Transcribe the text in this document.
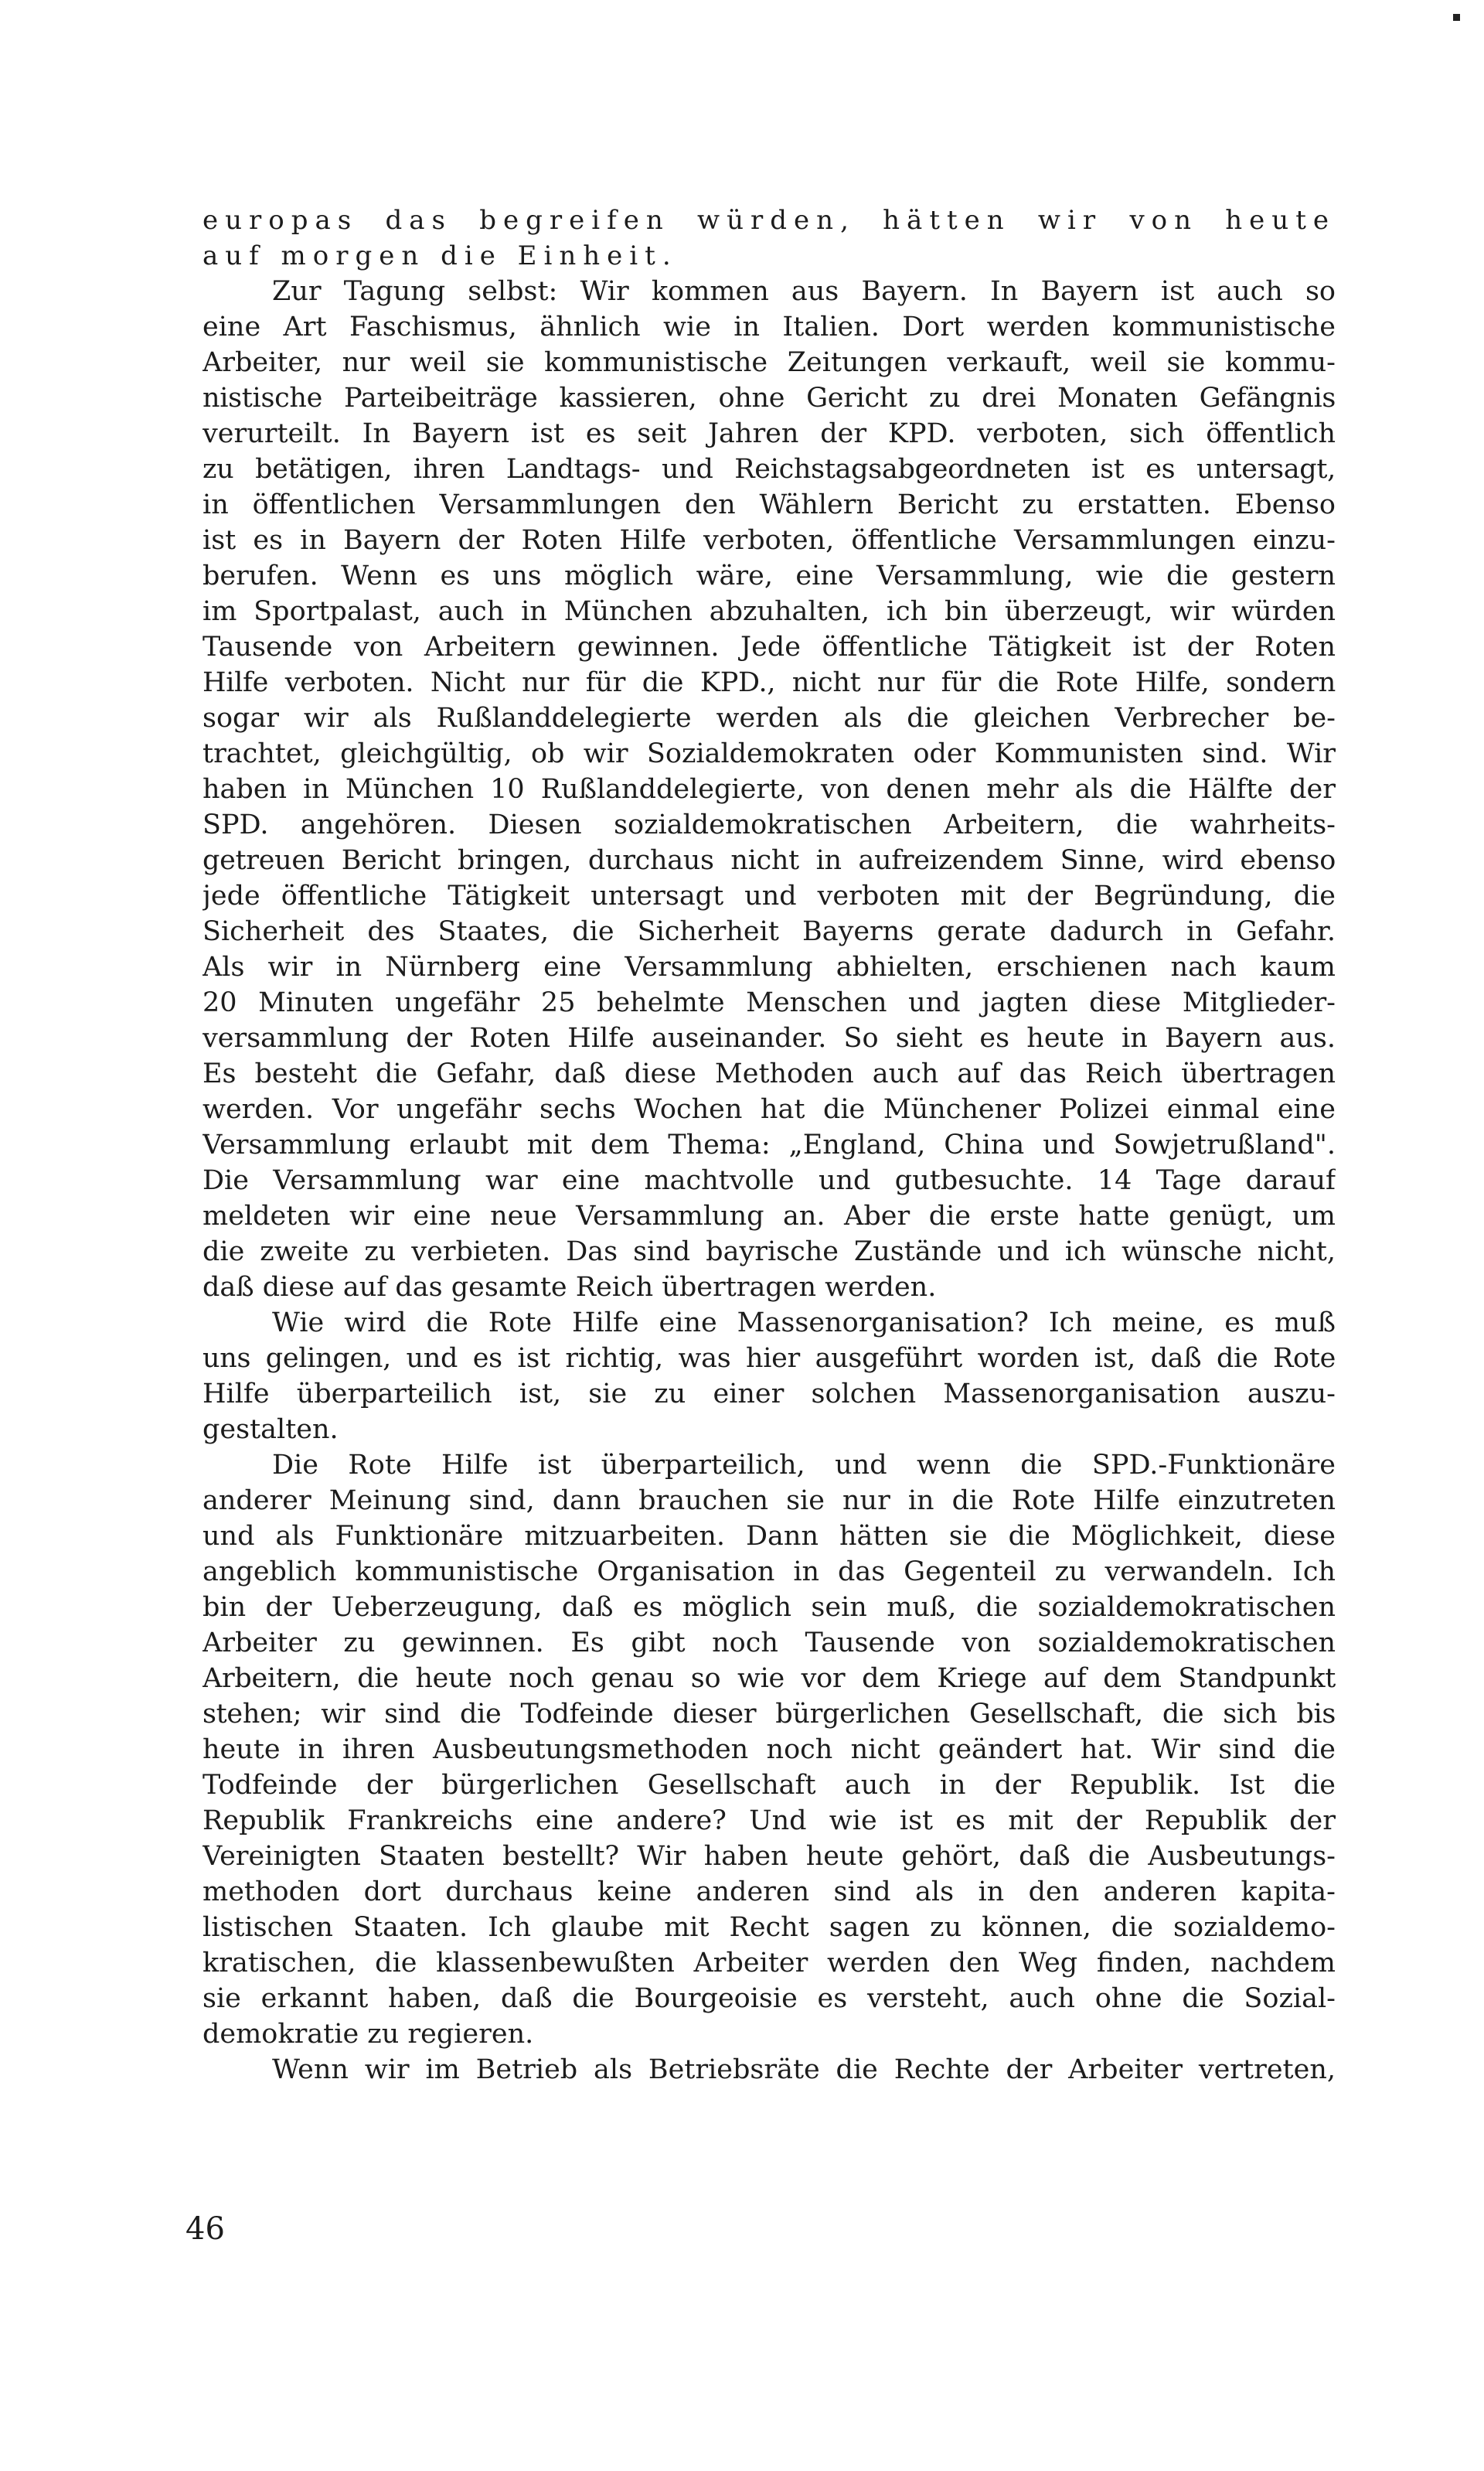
europas das begreifen würden, hätten wir von heute
auf morgen die Einheit.
Zur Tagung selbst: Wir kommen aus Bayern. In Bayern ist auch so
eine Art Faschismus, ähnlich wie in Italien. Dort werden kommunistische
Arbeiter, nur weil sie kommunistische Zeitungen verkauft, weil sie kommu-
nistische Parteibeiträge kassieren, ohne Gericht zu drei Monaten Gefängnis
verurteilt. In Bayern ist es seit Jahren der KPD. verboten, sich öffentlich
zu betätigen, ihren Landtags- und Reichstagsabgeordneten ist es untersagt,
in öffentlichen Versammlungen den Wählern Bericht zu erstatten. Ebenso
ist es in Bayern der Roten Hilfe verboten, öffentliche Versammlungen einzu-
berufen. Wenn es uns möglich wäre, eine Versammlung, wie die gestern
im Sportpalast, auch in München abzuhalten, ich bin überzeugt, wir würden
Tausende von Arbeitern gewinnen. Jede öffentliche Tätigkeit ist der Roten
Hilfe verboten. Nicht nur für die KPD., nicht nur für die Rote Hilfe, sondern
sogar wir als Rußlanddelegierte werden als die gleichen Verbrecher be-
trachtet, gleichgültig, ob wir Sozialdemokraten oder Kommunisten sind. Wir
haben in München 10 Rußlanddelegierte, von denen mehr als die Hälfte der
SPD. angehören. Diesen sozialdemokratischen Arbeitern, die wahrheits-
getreuen Bericht bringen, durchaus nicht in aufreizendem Sinne, wird ebenso
jede öffentliche Tätigkeit untersagt und verboten mit der Begründung, die
Sicherheit des Staates, die Sicherheit Bayerns gerate dadurch in Gefahr.
Als wir in Nürnberg eine Versammlung abhielten, erschienen nach kaum
20 Minuten ungefähr 25 behelmte Menschen und jagten diese Mitglieder-
versammlung der Roten Hilfe auseinander. So sieht es heute in Bayern aus.
Es besteht die Gefahr, daß diese Methoden auch auf das Reich übertragen
werden. Vor ungefähr sechs Wochen hat die Münchener Polizei einmal eine
Versammlung erlaubt mit dem Thema: „England, China und Sowjetrußland".
Die Versammlung war eine machtvolle und gutbesuchte. 14 Tage darauf
meldeten wir eine neue Versammlung an. Aber die erste hatte genügt, um
die zweite zu verbieten. Das sind bayrische Zustände und ich wünsche nicht,
daß diese auf das gesamte Reich übertragen werden.
Wie wird die Rote Hilfe eine Massenorganisation? Ich meine, es muß
uns gelingen, und es ist richtig, was hier ausgeführt worden ist, daß die Rote
Hilfe überparteilich ist, sie zu einer solchen Massenorganisation auszu-
gestalten.
Die Rote Hilfe ist überparteilich, und wenn die SPD.-Funktionäre
anderer Meinung sind, dann brauchen sie nur in die Rote Hilfe einzutreten
und als Funktionäre mitzuarbeiten. Dann hätten sie die Möglichkeit, diese
angeblich kommunistische Organisation in das Gegenteil zu verwandeln. Ich
bin der Ueberzeugung, daß es möglich sein muß, die sozialdemokratischen
Arbeiter zu gewinnen. Es gibt noch Tausende von sozialdemokratischen
Arbeitern, die heute noch genau so wie vor dem Kriege auf dem Standpunkt
stehen; wir sind die Todfeinde dieser bürgerlichen Gesellschaft, die sich bis
heute in ihren Ausbeutungsmethoden noch nicht geändert hat. Wir sind die
Todfeinde der bürgerlichen Gesellschaft auch in der Republik. Ist die
Republik Frankreichs eine andere? Und wie ist es mit der Republik der
Vereinigten Staaten bestellt? Wir haben heute gehört, daß die Ausbeutungs-
methoden dort durchaus keine anderen sind als in den anderen kapita-
listischen Staaten. Ich glaube mit Recht sagen zu können, die sozialdemo-
kratischen, die klassenbewußten Arbeiter werden den Weg finden, nachdem
sie erkannt haben, daß die Bourgeoisie es versteht, auch ohne die Sozial-
demokratie zu regieren.
Wenn wir im Betrieb als Betriebsräte die Rechte der Arbeiter vertreten,
46
